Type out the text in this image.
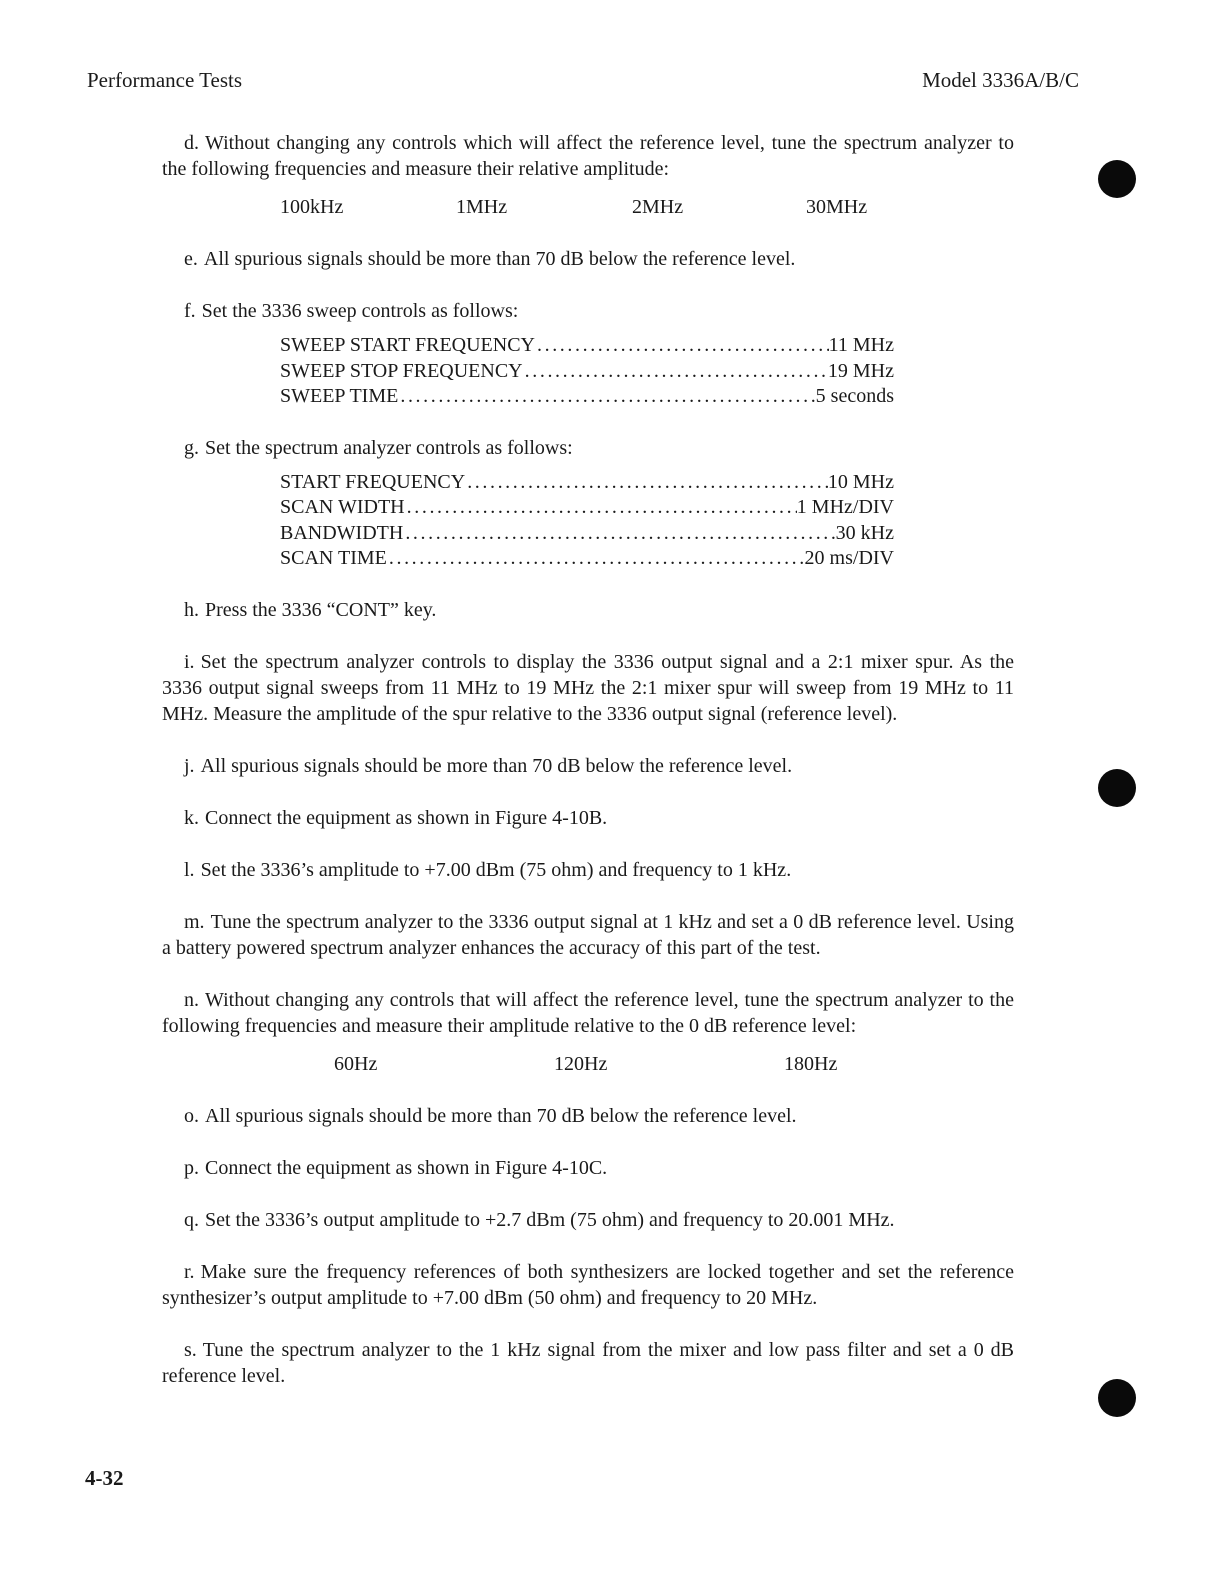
Performance Tests	Model 3336A/B/C
d. Without changing any controls which will affect the reference level, tune the spectrum analyzer to the following frequencies and measure their relative amplitude:
100kHz	1MHz	2MHz	30MHz
e. All spurious signals should be more than 70 dB below the reference level.
f. Set the 3336 sweep controls as follows:
SWEEP START FREQUENCY .....	11 MHz
SWEEP STOP FREQUENCY .....	19 MHz
SWEEP TIME .....	5 seconds
g. Set the spectrum analyzer controls as follows:
START FREQUENCY .....	10 MHz
SCAN WIDTH .....	1 MHz/DIV
BANDWIDTH .....	30 kHz
SCAN TIME .....	20 ms/DIV
h. Press the 3336 “CONT” key.
i. Set the spectrum analyzer controls to display the 3336 output signal and a 2:1 mixer spur. As the 3336 output signal sweeps from 11 MHz to 19 MHz the 2:1 mixer spur will sweep from 19 MHz to 11 MHz. Measure the amplitude of the spur relative to the 3336 output signal (reference level).
j. All spurious signals should be more than 70 dB below the reference level.
k. Connect the equipment as shown in Figure 4-10B.
l. Set the 3336’s amplitude to +7.00 dBm (75 ohm) and frequency to 1 kHz.
m. Tune the spectrum analyzer to the 3336 output signal at 1 kHz and set a 0 dB reference level. Using a battery powered spectrum analyzer enhances the accuracy of this part of the test.
n. Without changing any controls that will affect the reference level, tune the spectrum analyzer to the following frequencies and measure their amplitude relative to the 0 dB reference level:
60Hz	120Hz	180Hz
o. All spurious signals should be more than 70 dB below the reference level.
p. Connect the equipment as shown in Figure 4-10C.
q. Set the 3336’s output amplitude to +2.7 dBm (75 ohm) and frequency to 20.001 MHz.
r. Make sure the frequency references of both synthesizers are locked together and set the reference synthesizer’s output amplitude to +7.00 dBm (50 ohm) and frequency to 20 MHz.
s. Tune the spectrum analyzer to the 1 kHz signal from the mixer and low pass filter and set a 0 dB reference level.
4-32
